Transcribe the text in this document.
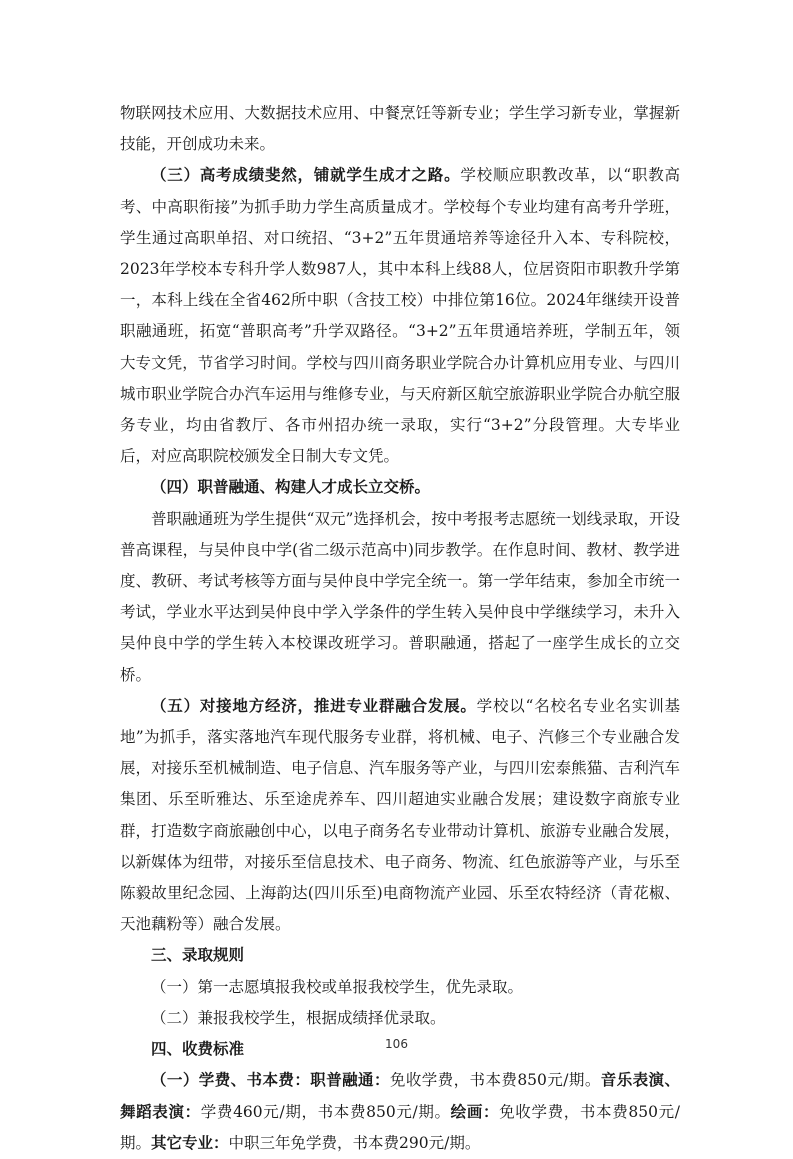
物联网技术应用、大数据技术应用、中餐烹饪等新专业；学生学习新专业，掌握新技能，开创成功未来。

（三）高考成绩斐然，铺就学生成才之路。学校顺应职教改革，以“职教高考、中高职衔接”为抓手助力学生高质量成才。学校每个专业均建有高考升学班，学生通过高职单招、对口统招、“3+2”五年贯通培养等途径升入本、专科院校，2023年学校本专科升学人数987人，其中本科上线88人，位居资阳市职教升学第一，本科上线在全省462所中职（含技工校）中排位第16位。2024年继续开设普职融通班，拓宽“普职高考”升学双路径。“3+2”五年贯通培养班，学制五年，领大专文凭，节省学习时间。学校与四川商务职业学院合办计算机应用专业、与四川城市职业学院合办汽车运用与维修专业，与天府新区航空旅游职业学院合办航空服务专业，均由省教厅、各市州招办统一录取，实行“3+2”分段管理。大专毕业后，对应高职院校颁发全日制大专文凭。

（四）职普融通、构建人才成长立交桥。

普职融通班为学生提供“双元”选择机会，按中考报考志愿统一划线录取，开设普高课程，与吴仲良中学(省二级示范高中)同步教学。在作息时间、教材、教学进度、教研、考试考核等方面与吴仲良中学完全统一。第一学年结束，参加全市统一考试，学业水平达到吴仲良中学入学条件的学生转入吴仲良中学继续学习，未升入吴仲良中学的学生转入本校课改班学习。普职融通，搭起了一座学生成长的立交桥。

（五）对接地方经济，推进专业群融合发展。学校以“名校名专业名实训基地”为抓手，落实落地汽车现代服务专业群，将机械、电子、汽修三个专业融合发展，对接乐至机械制造、电子信息、汽车服务等产业，与四川宏泰熊猫、吉利汽车集团、乐至昕雅达、乐至途虎养车、四川超迪实业融合发展；建设数字商旅专业群，打造数字商旅融创中心，以电子商务名专业带动计算机、旅游专业融合发展，以新媒体为纽带，对接乐至信息技术、电子商务、物流、红色旅游等产业，与乐至陈毅故里纪念园、上海韵达(四川乐至)电商物流产业园、乐至农特经济（青花椒、天池藕粉等）融合发展。

三、录取规则

（一）第一志愿填报我校或单报我校学生，优先录取。

（二）兼报我校学生，根据成绩择优录取。

四、收费标准

（一）学费、书本费：职普融通：免收学费，书本费850元/期。音乐表演、舞蹈表演：学费460元/期，书本费850元/期。绘画：免收学费，书本费850元/期。其它专业：中职三年免学费，书本费290元/期。

106
